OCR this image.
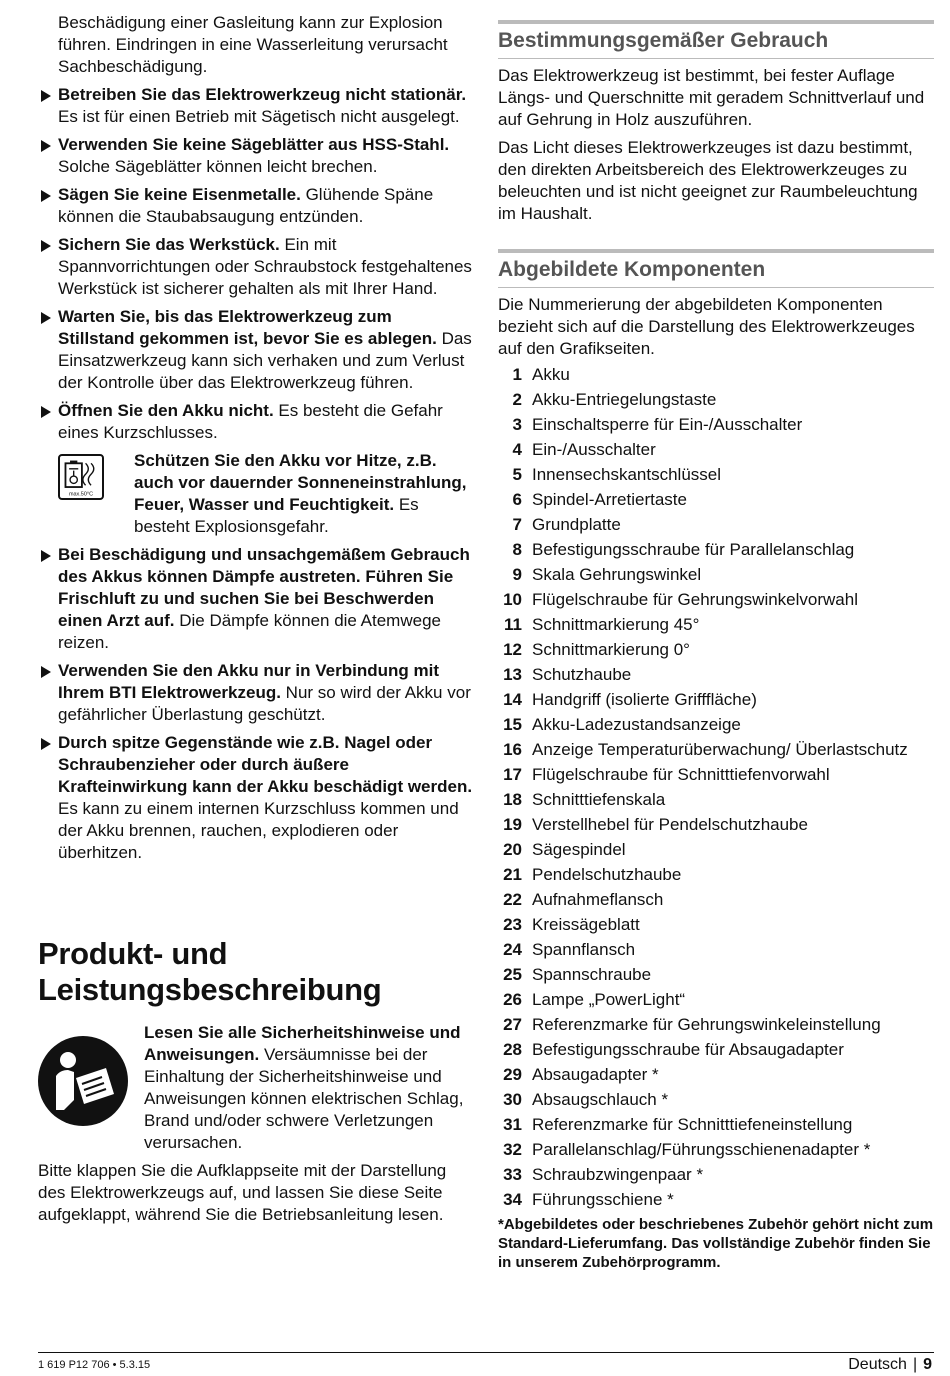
Beschädigung einer Gasleitung kann zur Explosion führen. Eindringen in eine Wasserleitung verursacht Sachbeschädigung.

Betreiben Sie das Elektrowerkzeug nicht stationär. Es ist für einen Betrieb mit Sägetisch nicht ausgelegt.
Verwenden Sie keine Sägeblätter aus HSS-Stahl. Solche Sägeblätter können leicht brechen.
Sägen Sie keine Eisenmetalle. Glühende Späne können die Staubabsaugung entzünden.
Sichern Sie das Werkstück. Ein mit Spannvorrichtungen oder Schraubstock festgehaltenes Werkstück ist sicherer gehalten als mit Ihrer Hand.
Warten Sie, bis das Elektrowerkzeug zum Stillstand gekommen ist, bevor Sie es ablegen. Das Einsatzwerkzeug kann sich verhaken und zum Verlust der Kontrolle über das Elektrowerkzeug führen.
Öffnen Sie den Akku nicht. Es besteht die Gefahr eines Kurzschlusses.
max.50°C

Schützen Sie den Akku vor Hitze, z.B. auch vor dauernder Sonneneinstrahlung, Feuer, Wasser und Feuchtigkeit. Es besteht Explosionsgefahr.

Bei Beschädigung und unsachgemäßem Gebrauch des Akkus können Dämpfe austreten. Führen Sie Frischluft zu und suchen Sie bei Beschwerden einen Arzt auf. Die Dämpfe können die Atemwege reizen.
Verwenden Sie den Akku nur in Verbindung mit Ihrem BTI Elektrowerkzeug. Nur so wird der Akku vor gefährlicher Überlastung geschützt.
Durch spitze Gegenstände wie z.B. Nagel oder Schraubenzieher oder durch äußere Krafteinwirkung kann der Akku beschädigt werden. Es kann zu einem internen Kurzschluss kommen und der Akku brennen, rauchen, explodieren oder überhitzen.
Produkt- und Leistungsbeschreibung

Lesen Sie alle Sicherheitshinweise und Anweisungen. Versäumnisse bei der Einhaltung der Sicherheitshinweise und Anweisungen können elektrischen Schlag, Brand und/oder schwere Verletzungen verursachen.

Bitte klappen Sie die Aufklappseite mit der Darstellung des Elektrowerkzeugs auf, und lassen Sie diese Seite aufgeklappt, während Sie die Betriebsanleitung lesen.

Bestimmungsgemäßer Gebrauch

Das Elektrowerkzeug ist bestimmt, bei fester Auflage Längs- und Querschnitte mit geradem Schnittverlauf und auf Gehrung in Holz auszuführen.

Das Licht dieses Elektrowerkzeuges ist dazu bestimmt, den direkten Arbeitsbereich des Elektrowerkzeuges zu beleuchten und ist nicht geeignet zur Raumbeleuchtung im Haushalt.

Abgebildete Komponenten

Die Nummerierung der abgebildeten Komponenten bezieht sich auf die Darstellung des Elektrowerkzeuges auf den Grafikseiten.

1 Akku
2 Akku-Entriegelungstaste
3 Einschaltsperre für Ein-/Ausschalter
4 Ein-/Ausschalter
5 Innensechskantschlüssel
6 Spindel-Arretiertaste
7 Grundplatte
8 Befestigungsschraube für Parallelanschlag
9 Skala Gehrungswinkel
10 Flügelschraube für Gehrungswinkelvorwahl
11 Schnittmarkierung 45°
12 Schnittmarkierung 0°
13 Schutzhaube
14 Handgriff (isolierte Grifffläche)
15 Akku-Ladezustandsanzeige
16 Anzeige Temperaturüberwachung/ Überlastschutz
17 Flügelschraube für Schnitttiefenvorwahl
18 Schnitttiefenskala
19 Verstellhebel für Pendelschutzhaube
20 Sägespindel
21 Pendelschutzhaube
22 Aufnahmeflansch
23 Kreissägeblatt
24 Spannflansch
25 Spannschraube
26 Lampe „PowerLight“
27 Referenzmarke für Gehrungswinkeleinstellung
28 Befestigungsschraube für Absaugadapter
29 Absaugadapter *
30 Absaugschlauch *
31 Referenzmarke für Schnitttiefeneinstellung
32 Parallelanschlag/Führungsschienenadapter *
33 Schraubzwingenpaar *
34 Führungsschiene *

*Abgebildetes oder beschriebenes Zubehör gehört nicht zum Standard-Lieferumfang. Das vollständige Zubehör finden Sie in unserem Zubehörprogramm.

1 619 P12 706 • 5.3.15	Deutsch | 9
